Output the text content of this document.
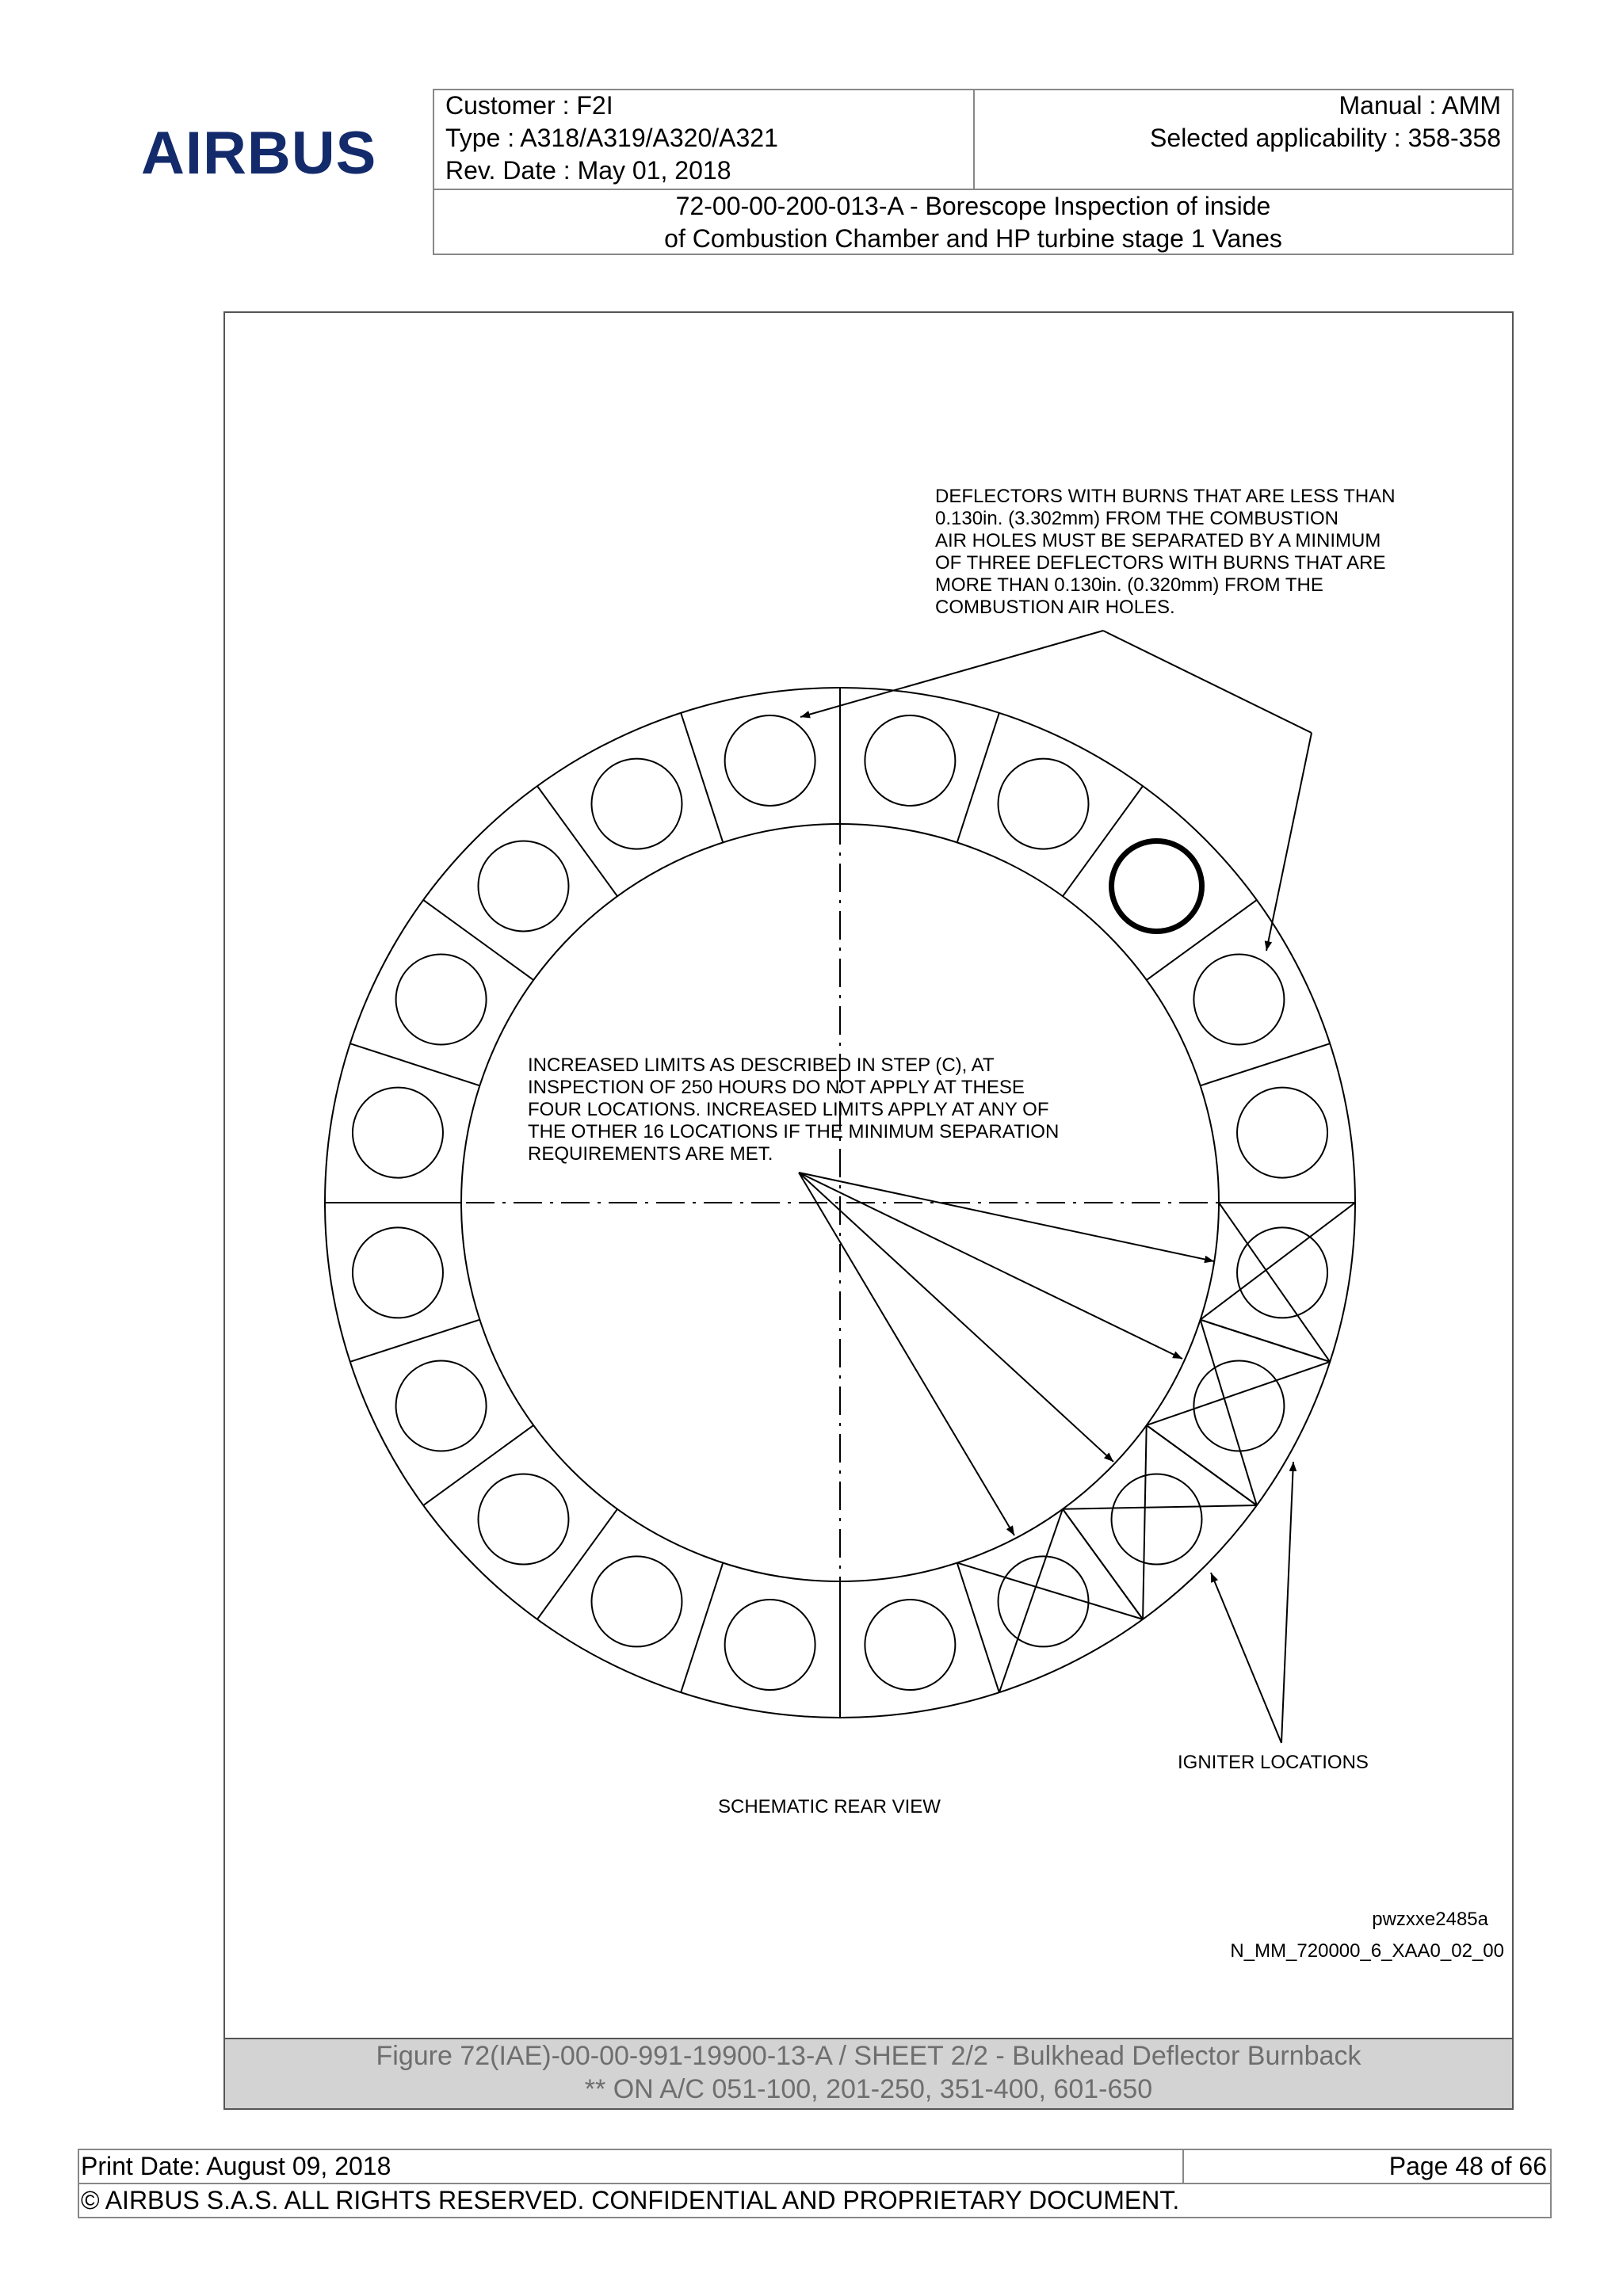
AIRBUS
Customer : F2I
Type : A318/A319/A320/A321
Rev. Date : May 01, 2018
Manual : AMM
Selected applicability : 358-358
72-00-00-200-013-A - Borescope Inspection of inside
of Combustion Chamber and HP turbine stage 1 Vanes
DEFLECTORS WITH BURNS THAT ARE LESS THAN
0.130in. (3.302mm) FROM THE COMBUSTION
AIR HOLES MUST BE SEPARATED BY A MINIMUM
OF THREE DEFLECTORS WITH BURNS THAT ARE
MORE THAN 0.130in. (0.320mm) FROM THE
COMBUSTION AIR HOLES.
INCREASED LIMITS AS DESCRIBED IN STEP (C), AT
INSPECTION OF 250 HOURS DO NOT APPLY AT THESE
FOUR LOCATIONS. INCREASED LIMITS APPLY AT ANY OF
THE OTHER 16 LOCATIONS IF THE MINIMUM SEPARATION
REQUIREMENTS ARE MET.
IGNITER LOCATIONS
SCHEMATIC REAR VIEW
pwzxxe2485a
N_MM_720000_6_XAA0_02_00
Figure 72(IAE)-00-00-991-19900-13-A / SHEET 2/2 - Bulkhead Deflector Burnback
** ON A/C 051-100, 201-250, 351-400, 601-650
Print Date: August 09, 2018	Page 48 of 66
© AIRBUS S.A.S. ALL RIGHTS RESERVED. CONFIDENTIAL AND PROPRIETARY DOCUMENT.
